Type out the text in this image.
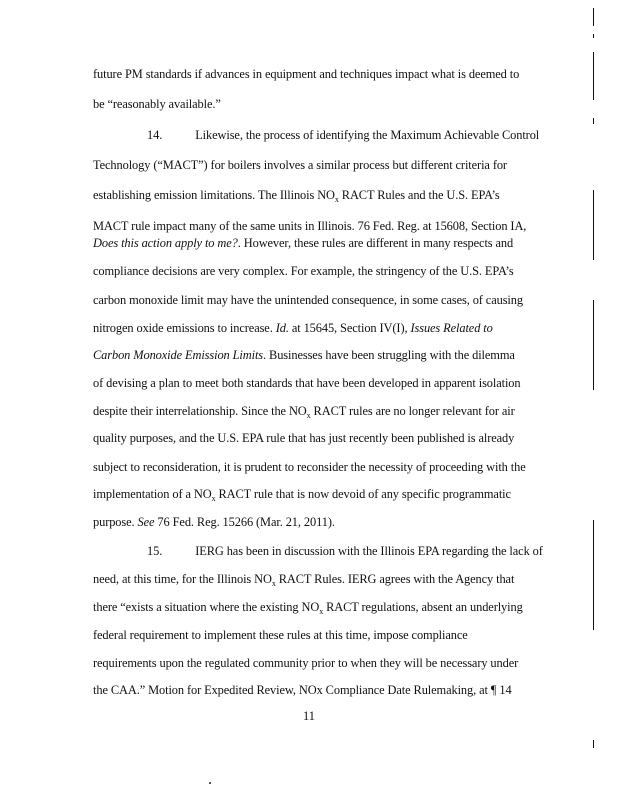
future PM standards if advances in equipment and techniques impact what is deemed to
be “reasonably available.”
14.	Likewise, the process of identifying the Maximum Achievable Control
Technology (“MACT”) for boilers involves a similar process but different criteria for
establishing emission limitations. The Illinois $NO_x$ RACT Rules and the U.S. EPA’s
MACT rule impact many of the same units in Illinois. 76 Fed. Reg. at 15608, Section IA,
Does this action apply to me?. However, these rules are different in many respects and
compliance decisions are very complex. For example, the stringency of the U.S. EPA’s
carbon monoxide limit may have the unintended consequence, in some cases, of causing
nitrogen oxide emissions to increase. Id. at 15645, Section IV(I), Issues Related to
Carbon Monoxide Emission Limits. Businesses have been struggling with the dilemma
of devising a plan to meet both standards that have been developed in apparent isolation
despite their interrelationship. Since the $NO_x$ RACT rules are no longer relevant for air
quality purposes, and the U.S. EPA rule that has just recently been published is already
subject to reconsideration, it is prudent to reconsider the necessity of proceeding with the
implementation of a $NO_x$ RACT rule that is now devoid of any specific programmatic
purpose. See 76 Fed. Reg. 15266 (Mar. 21, 2011).
15.	IERG has been in discussion with the Illinois EPA regarding the lack of
need, at this time, for the Illinois $NO_x$ RACT Rules. IERG agrees with the Agency that
there “exists a situation where the existing $NO_x$ RACT regulations, absent an underlying
federal requirement to implement these rules at this time, impose compliance
requirements upon the regulated community prior to when they will be necessary under
the CAA.” Motion for Expedited Review, NOx Compliance Date Rulemaking, at ¶ 14
11
